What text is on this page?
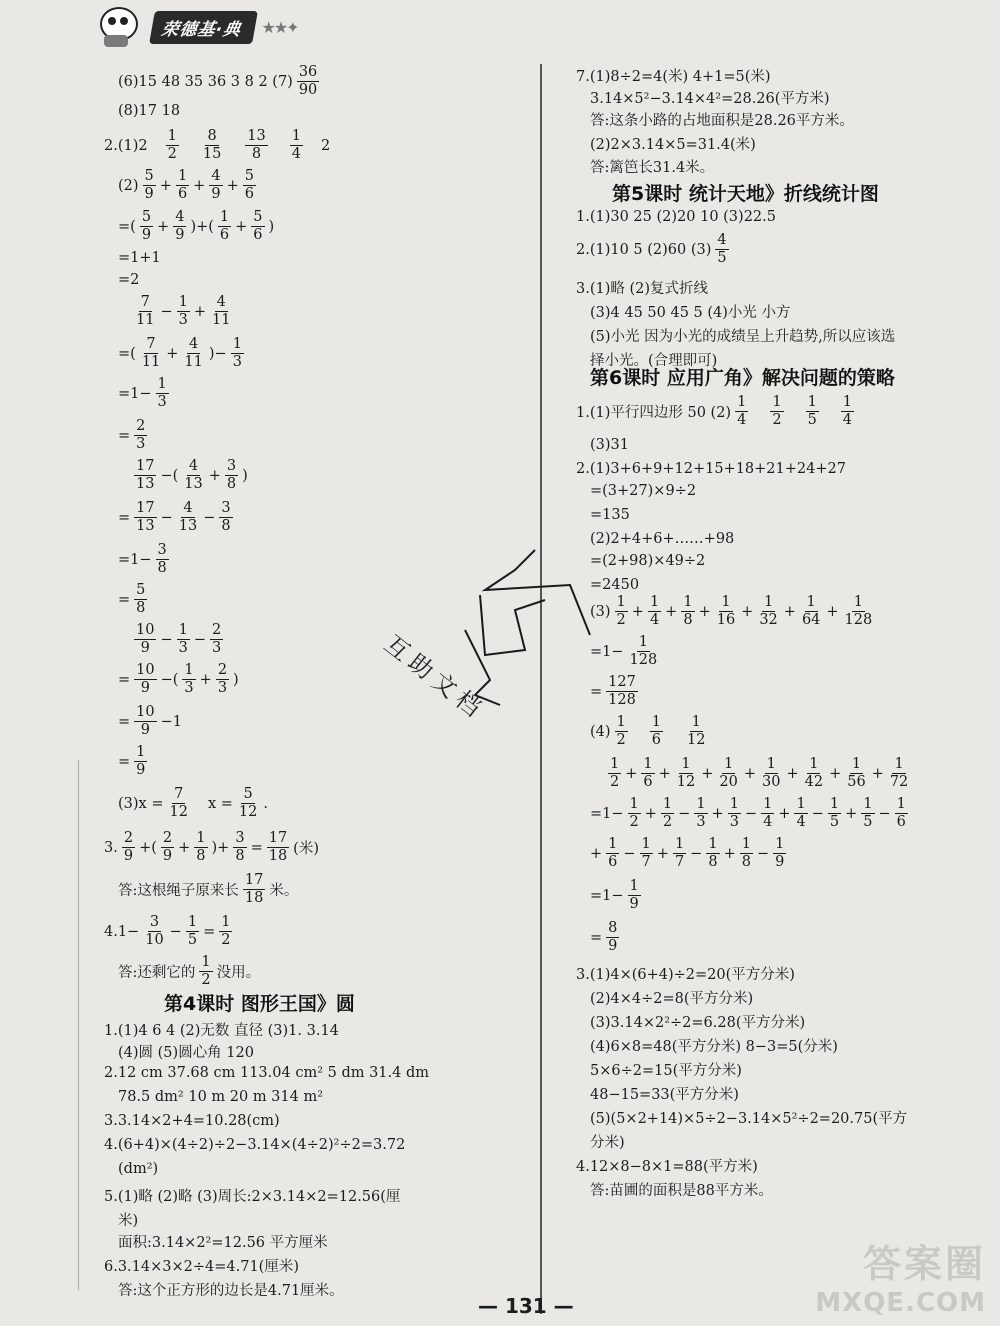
荣德基·典	★★✦
(6)15 48 35 36 3 8 2 $(7) \frac{36}{90}$
(8)17 18
$2.(1)2 \frac{1}{2} \frac{8}{15} \frac{13}{8} \frac{1}{4} 2$
$(2) \frac{5}{9} + \frac{1}{6} + \frac{4}{9} + \frac{5}{6}$
=( $\frac{5}{9} + \frac{4}{9}$ )+( $\frac{1}{6} + \frac{5}{6}$ )
=1+1
=2
$\frac{7}{11} - \frac{1}{3} + \frac{4}{11}$
=( $\frac{7}{11} + \frac{4}{11}$ )− $\frac{1}{3}$
$=1- \frac{1}{3}$
= $\frac{2}{3}$
$\frac{17}{13}$ −( $\frac{4}{13} + \frac{3}{8}$ )
= $\frac{17}{13} - \frac{4}{13} - \frac{3}{8}$
$=1- \frac{3}{8}$
= $\frac{5}{8}$
$\frac{10}{9} - \frac{1}{3} - \frac{2}{3}$
= $\frac{10}{9}$ −( $\frac{1}{3} + \frac{2}{3}$ )
= $\frac{10}{9} -1$
= $\frac{1}{9}$
$(3)x = \frac{7}{12}$ $x = \frac{5}{12}$ .
3. $\frac{2}{9}$ +( $\frac{2}{9} + \frac{1}{8}$ )+ $\frac{3}{8} = \frac{17}{18}$ (米)
答:这根绳子原来长 $\frac{17}{18}$ 米。
$4.1- \frac{3}{10} - \frac{1}{5} = \frac{1}{2}$
答:还剩它的 $\frac{1}{2}$ 没用。
第4课时 图形王国》圆
1.(1)4 6 4 (2)无数 直径 (3)1. 3.14
(4)圆 (5)圆心角 120
2.12 cm 37.68 cm 113.04 cm² 5 dm 31.4 dm
78.5 dm² 10 m 20 m 314 m²
3.3.14×2+4=10.28(cm)
4.(6+4)×(4÷2)÷2−3.14×(4÷2)²÷2=3.72
(dm²)
5.(1)略 (2)略 (3)周长:2×3.14×2=12.56(厘
米)
面积:3.14×2²=12.56 平方厘米
6.3.14×3×2÷4=4.71(厘米)
答:这个正方形的边长是4.71厘米。
7.(1)8÷2=4(米) 4+1=5(米)
3.14×5²−3.14×4²=28.26(平方米)
答:这条小路的占地面积是28.26平方米。
(2)2×3.14×5=31.4(米)
答:篱笆长31.4米。
第5课时 统计天地》折线统计图
1.(1)30 25 (2)20 10 (3)22.5
2.(1)10 5 (2)60 $(3) \frac{4}{5}$
3.(1)略 (2)复式折线
(3)4 45 50 45 5 (4)小光 小方
(5)小光 因为小光的成绩呈上升趋势,所以应该选
择小光。(合理即可)
第6课时 应用广角》解决问题的策略
1.(1)平行四边形 50 $(2) \frac{1}{4} \frac{1}{2} \frac{1}{5} \frac{1}{4}$
(3)31
2.(1)3+6+9+12+15+18+21+24+27
=(3+27)×9÷2
=135
(2)2+4+6+……+98
=(2+98)×49÷2
=2450
$(3) \frac{1}{2} + \frac{1}{4} + \frac{1}{8} + \frac{1}{16} + \frac{1}{32} + \frac{1}{64} + \frac{1}{128}$
$=1- \frac{1}{128}$
= $\frac{127}{128}$
$(4) \frac{1}{2} \frac{1}{6} \frac{1}{12}$
$\frac{1}{2} + \frac{1}{6} + \frac{1}{12} + \frac{1}{20} + \frac{1}{30} + \frac{1}{42} + \frac{1}{56} + \frac{1}{72}$
$=1- \frac{1}{2} + \frac{1}{2} - \frac{1}{3} + \frac{1}{3} - \frac{1}{4} + \frac{1}{4} - \frac{1}{5} + \frac{1}{5} - \frac{1}{6}$
+ $\frac{1}{6} - \frac{1}{7} + \frac{1}{7} - \frac{1}{8} + \frac{1}{8} - \frac{1}{9}$
$=1- \frac{1}{9}$
= $\frac{8}{9}$
3.(1)4×(6+4)÷2=20(平方分米)
(2)4×4÷2=8(平方分米)
(3)3.14×2²÷2=6.28(平方分米)
(4)6×8=48(平方分米) 8−3=5(分米)
5×6÷2=15(平方分米)
48−15=33(平方分米)
(5)(5×2+14)×5÷2−3.14×5²÷2=20.75(平方
分米)
4.12×8−8×1=88(平方米)
答:苗圃的面积是88平方米。
互助文档
— 131 —
答案圈
MXQE.COM
